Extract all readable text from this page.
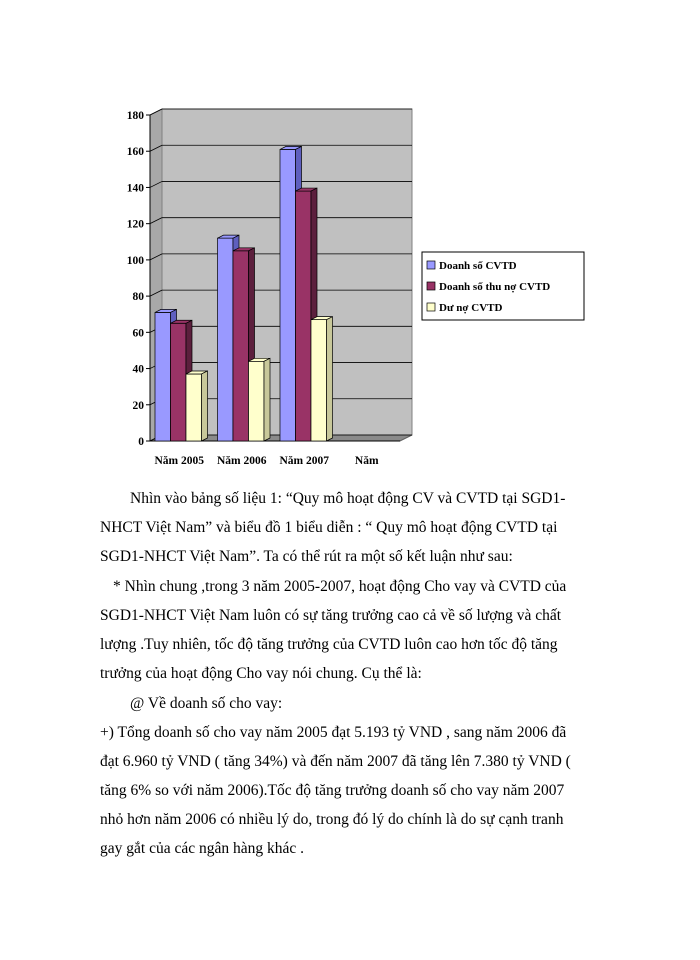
0
20
40
60
80
100
120
140
160
180
Năm 2005 Năm 2006 Năm 2007 Năm
Doanh số CVTD
Doanh số thu nợ CVTD
Dư nợ CVTD

Nhìn vào bảng số liệu 1: “Quy mô hoạt động CV và CVTD tại SGD1-

NHCT Việt Nam” và biểu đồ 1 biểu diễn : “ Quy mô hoạt động CVTD tại

SGD1-NHCT Việt Nam”. Ta có thể rút ra một số kết luận như sau:

* Nhìn chung ,trong 3 năm 2005-2007, hoạt động Cho vay và CVTD của

SGD1-NHCT Việt Nam luôn có sự tăng trưởng cao cả về số lượng và chất

lượng .Tuy nhiên, tốc độ tăng trưởng của CVTD luôn cao hơn tốc độ tăng

trưởng của hoạt động Cho vay nói chung. Cụ thể là:

@ Về doanh số cho vay:

+) Tổng doanh số cho vay năm 2005 đạt 5.193 tỷ VND , sang năm 2006 đã

đạt 6.960 tỷ VND ( tăng 34%) và đến năm 2007 đã tăng lên 7.380 tỷ VND (

tăng 6% so với năm 2006).Tốc độ tăng trưởng doanh số cho vay năm 2007

nhỏ hơn năm 2006 có nhiều lý do, trong đó lý do chính là do sự cạnh tranh

gay gắt của các ngân hàng khác .
